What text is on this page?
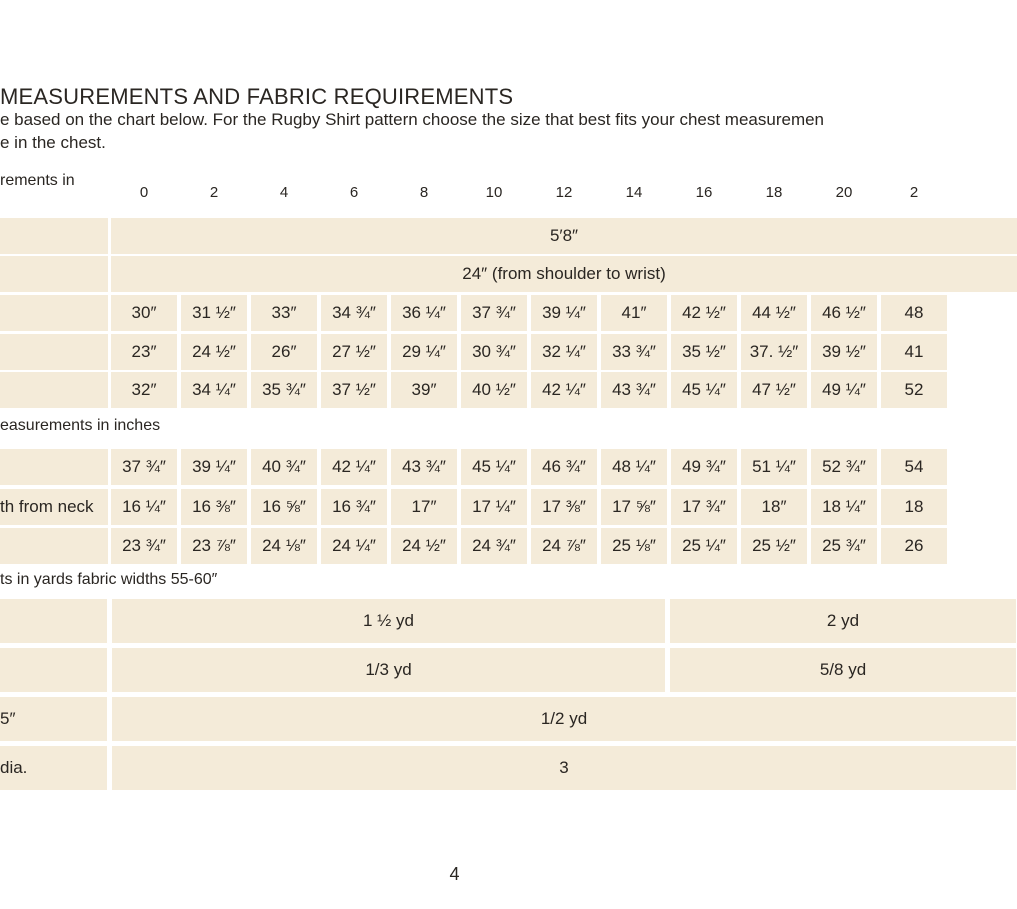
MEASUREMENTS AND FABRIC REQUIREMENTS
e based on the chart below. For the Rugby Shirt pattern choose the size that best fits your chest measuremen
e in the chest.
rements in
0	2	4	6	8	10	12	14	16	18	20	2
5′8″
24″ (from shoulder to wrist)
30″	31 ½″	33″	34 ¾″	36 ¼″	37 ¾″	39 ¼″	41″	42 ½″	44 ½″	46 ½″	48
23″	24 ½″	26″	27 ½″	29 ¼″	30 ¾″	32 ¼″	33 ¾″	35 ½″	37. ½″	39 ½″	41
32″	34 ¼″	35 ¾″	37 ½″	39″	40 ½″	42 ¼″	43 ¾″	45 ¼″	47 ½″	49 ¼″	52
easurements in inches
37 ¾″	39 ¼″	40 ¾″	42 ¼″	43 ¾″	45 ¼″	46 ¾″	48 ¼″	49 ¾″	51 ¼″	52 ¾″	54
th from neck	16 ¼″	16 ⅜″	16 ⅝″	16 ¾″	17″	17 ¼″	17 ⅜″	17 ⅝″	17 ¾″	18″	18 ¼″	18
23 ¾″	23 ⅞″	24 ⅛″	24 ¼″	24 ½″	24 ¾″	24 ⅞″	25 ⅛″	25 ¼″	25 ½″	25 ¾″	26
ts in yards fabric widths 55-60″
1 ½ yd	2 yd
1/3 yd	5/8 yd
5″	1/2 yd
dia.	3
4
